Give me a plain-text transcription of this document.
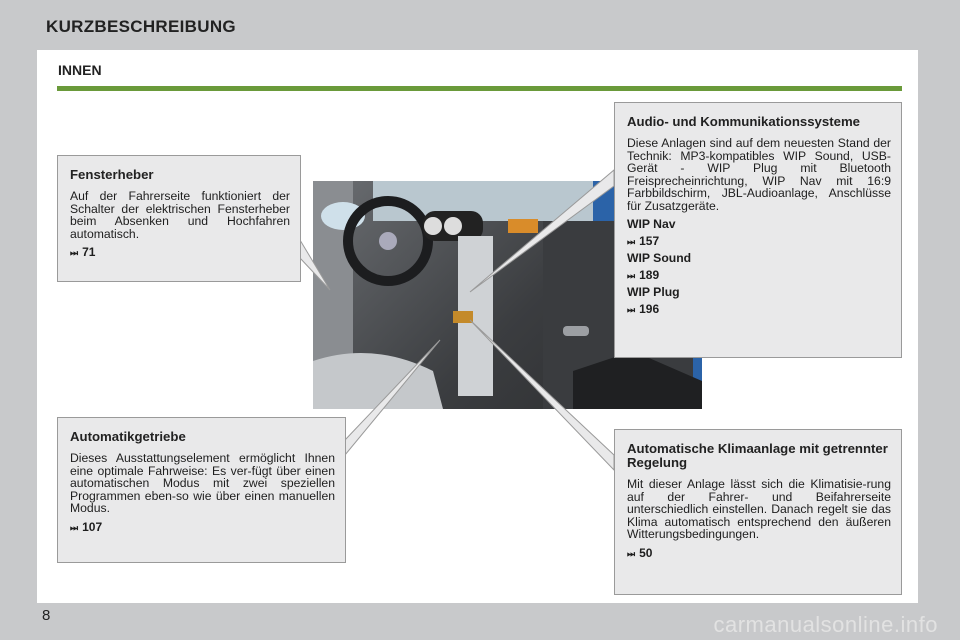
KURZBESCHREIBUNG
INNEN
Fensterheber

Auf der Fahrerseite funktioniert der Schalter der elektrischen Fensterheber beim Absenken und Hochfahren automatisch.

⏭ 71
Audio- und Kommunikationssysteme

Diese Anlagen sind auf dem neuesten Stand der Technik: MP3-kompatibles WIP Sound, USB-Gerät - WIP Plug mit Bluetooth Freisprecheinrichtung, WIP Nav mit 16:9 Farbbildschirm, JBL-Audioanlage, Anschlüsse für Zusatzgeräte.

WIP Nav
⏭ 157
WIP Sound
⏭ 189
WIP Plug
⏭ 196
Automatikgetriebe

Dieses Ausstattungselement ermöglicht Ihnen eine optimale Fahrweise: Es ver-fügt über einen automatischen Modus mit zwei speziellen Programmen eben-so wie über einen manuellen Modus.

⏭ 107
Automatische Klimaanlage mit getrennter Regelung

Mit dieser Anlage lässt sich die Klimatisie-rung auf der Fahrer- und Beifahrerseite unterschiedlich einstellen. Danach regelt sie das Klima automatisch entsprechend den äußeren Witterungsbedingungen.

⏭ 50
8	carmanualsonline.info
